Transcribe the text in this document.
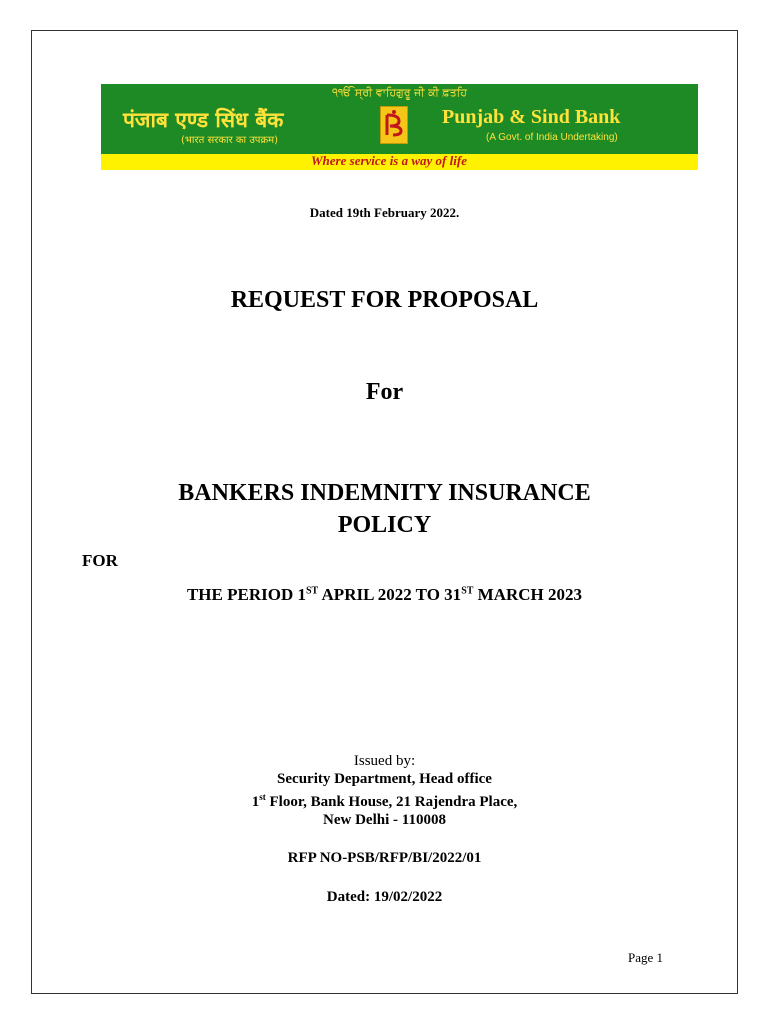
੧ੴ ਸ੍ਰੀ ਵਾਹਿਗੁਰੂ ਜੀ ਕੀ ਫ਼ਤਹਿ
पंजाब एण्ड सिंध बैंक
(भारत सरकार का उपक्रम)
Punjab & Sind Bank
(A Govt. of India Undertaking)
Where service is a way of life
Dated 19th February 2022.
REQUEST FOR PROPOSAL
For
BANKERS INDEMNITY INSURANCE
POLICY
FOR
THE PERIOD 1ST APRIL 2022 TO 31ST MARCH 2023
Issued by:
Security Department, Head office
1st Floor, Bank House, 21 Rajendra Place,
New Delhi - 110008
RFP NO-PSB/RFP/BI/2022/01
Dated: 19/02/2022
Page 1
